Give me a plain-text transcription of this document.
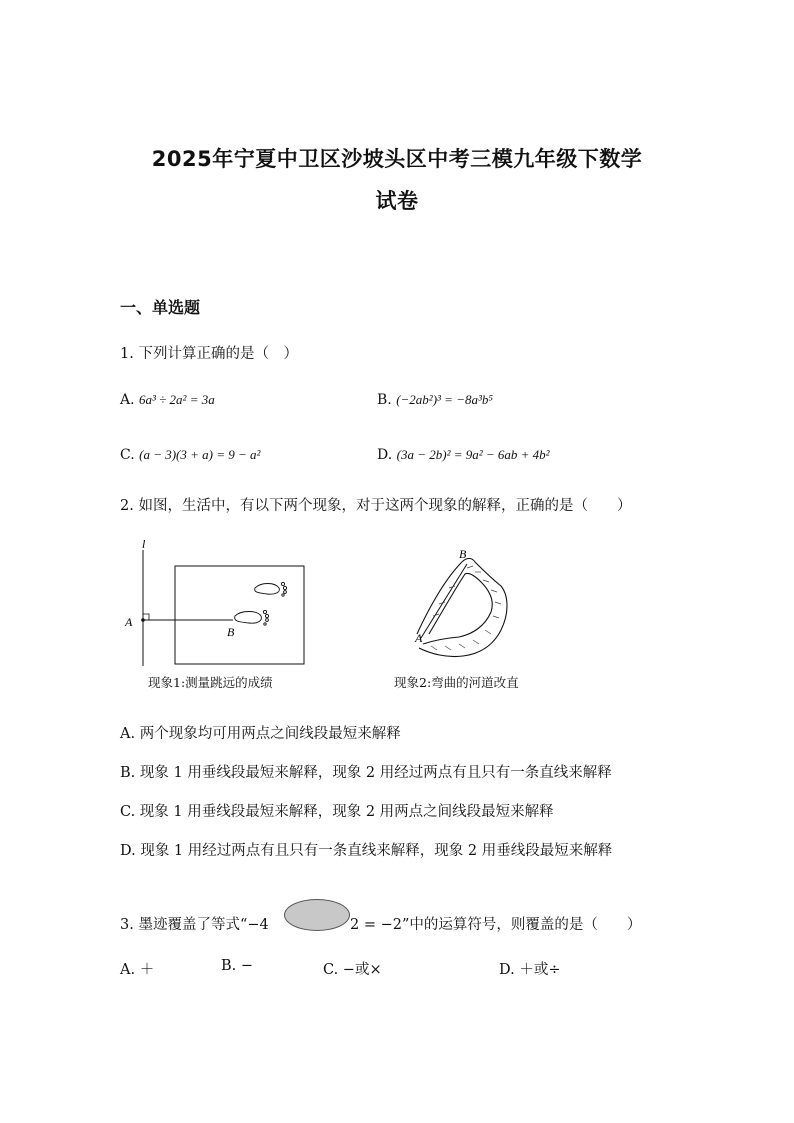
2025年宁夏中卫区沙坡头区中考三模九年级下数学
试卷
一、单选题
1. 下列计算正确的是（　）
A. 6a³ ÷ 2a² = 3a	B. (−2ab²)³ = −8a³b⁵
C. (a − 3)(3 + a) = 9 − a²	D. (3a − 2b)² = 9a² − 6ab + 4b²
2. 如图，生活中，有以下两个现象，对于这两个现象的解释，正确的是（　　）
l
A
B
现象1:测量跳远的成绩
B
A
现象2:弯曲的河道改直
A. 两个现象均可用两点之间线段最短来解释
B. 现象 1 用垂线段最短来解释，现象 2 用经过两点有且只有一条直线来解释
C. 现象 1 用垂线段最短来解释，现象 2 用两点之间线段最短来解释
D. 现象 1 用经过两点有且只有一条直线来解释，现象 2 用垂线段最短来解释
3. 墨迹覆盖了等式“−4	2 = −2”中的运算符号，则覆盖的是（　　）
A. ＋	B. −	C. −或×	D. ＋或÷
